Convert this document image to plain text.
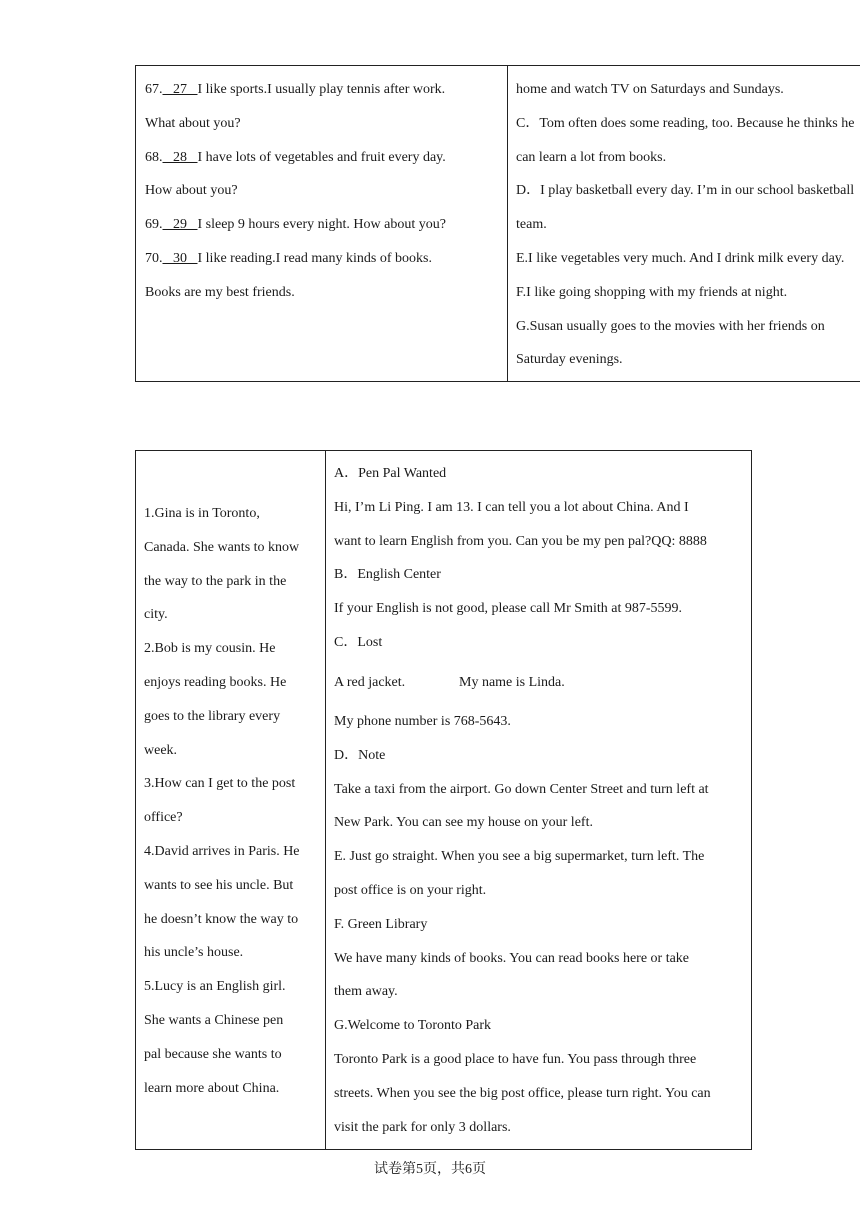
67.   27   I like sports.I usually play tennis after work.
What about you?
68.   28   I have lots of vegetables and fruit every day.
How about you?
69.   29   I sleep 9 hours every night. How about you?
70.   30   I like reading.I read many kinds of books.
Books are my best friends.
home and watch TV on Saturdays and Sundays.
C．Tom often does some reading, too. Because he thinks he
can learn a lot from books.
D．I play basketball every day. I’m in our school basketball
team.
E.I like vegetables very much. And I drink milk every day.
F.I like going shopping with my friends at night.
G.Susan usually goes to the movies with her friends on
Saturday evenings.
1.Gina is in Toronto,
Canada. She wants to know
the way to the park in the
city.
2.Bob is my cousin. He
enjoys reading books. He
goes to the library every
week.
3.How can I get to the post
office?
4.David arrives in Paris. He
wants to see his uncle. But
he doesn’t know the way to
his uncle’s house.
5.Lucy is an English girl.
She wants a Chinese pen
pal because she wants to
learn more about China.
A．Pen Pal Wanted
Hi, I’m Li Ping. I am 13. I can tell you a lot about China. And I
want to learn English from you. Can you be my pen pal?QQ: 8888
B．English Center
If your English is not good, please call Mr Smith at 987-5599.
C．Lost
A red jacket.	My name is Linda.
My phone number is 768-5643.
D．Note
Take a taxi from the airport. Go down Center Street and turn left at
New Park. You can see my house on your left.
E. Just go straight. When you see a big supermarket, turn left. The
post office is on your right.
F. Green Library
We have many kinds of books. You can read books here or take
them away.
G.Welcome to Toronto Park
Toronto Park is a good place to have fun. You pass through three
streets. When you see the big post office, please turn right. You can
visit the park for only 3 dollars.
试卷第5页，共6页
